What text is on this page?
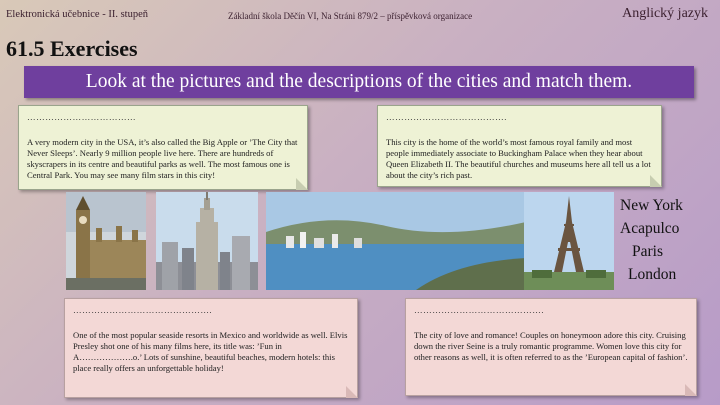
Elektronická učebnice - II. stupeň	Základní škola Děčín VI, Na Stráni 879/2 – příspěvková organizace	Anglický jazyk
61.5 Exercises
Look at the pictures and the descriptions of the cities and match them.
………………………………
A very modern city in the USA, it’s also called the Big Apple or ’The City that Never Sleeps’. Nearly 9 million people live here. There are hundreds of skyscrapers in its centre and beautiful parks as well. The most famous one is Central Park. You may see many film stars in this city!
………………………………….
This city is the home of the world’s most famous royal family and most people immediately associate to Buckingham Palace when they hear about Queen Elizabeth II. The beautiful churches and museums here all tell us a lot about the city’s rich past.
……………………………………….
One of the most popular seaside resorts in Mexico and worldwide as well. Elvis Presley shot one of his many films here, its title was: ’Fun in A……………….o.’ Lots of sunshine, beautiful beaches, modern hotels: this place really offers an unforgettable holiday!
…………………………………….
The city of love and romance! Couples on honeymoon adore this city. Cruising down the river Seine is a truly romantic programme. Women love this city for other reasons as well, it is often referred to as the ’European capital of fashion’.
New York
Acapulco
Paris
London
